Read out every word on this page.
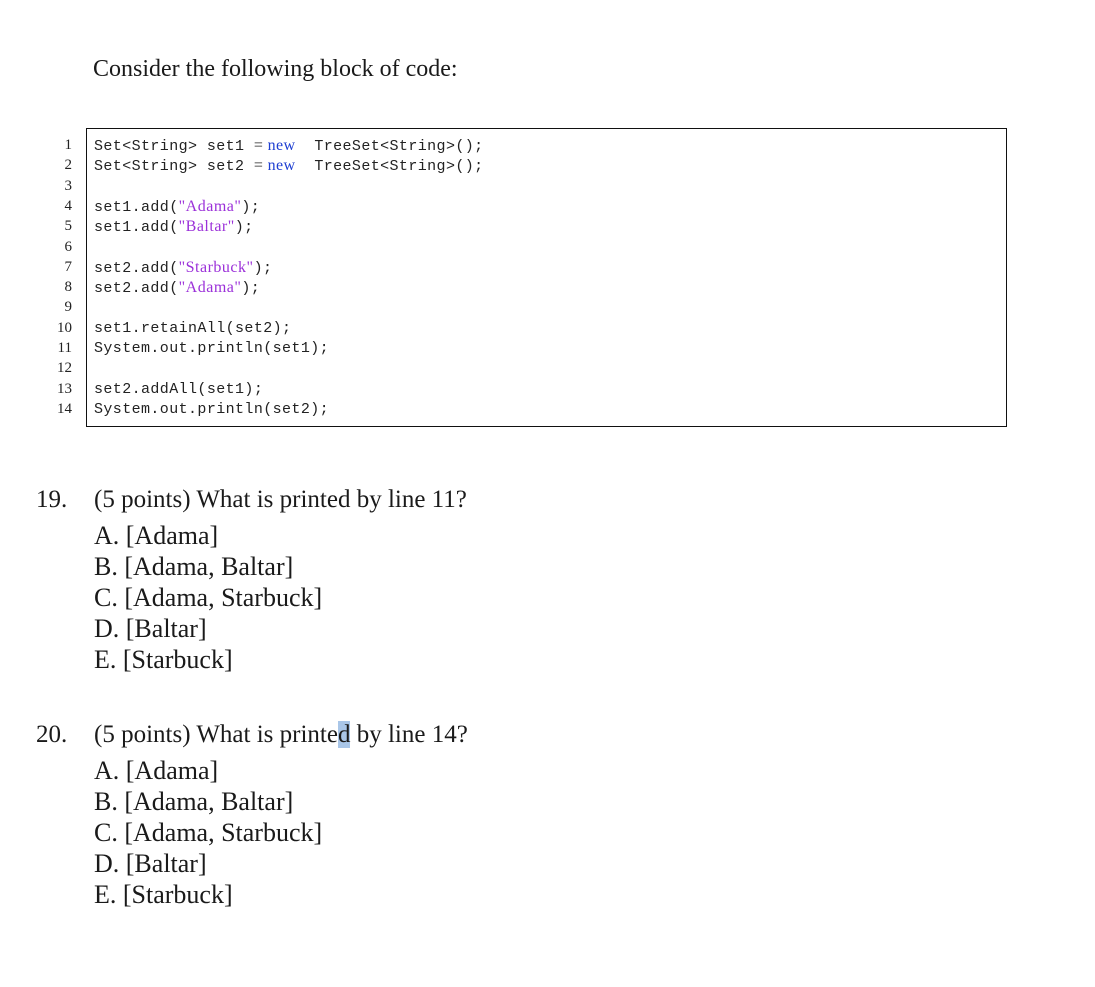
Consider the following block of code:
1 Set<String> set1 = new  TreeSet<String>();
2 Set<String> set2 = new  TreeSet<String>();
3
4 set1.add("Adama");
5 set1.add("Baltar");
6
7 set2.add("Starbuck");
8 set2.add("Adama");
9
10 set1.retainAll(set2);
11 System.out.println(set1);
12
13 set2.addAll(set1);
14 System.out.println(set2);
19. (5 points) What is printed by line 11?
A. [Adama]
B. [Adama, Baltar]
C. [Adama, Starbuck]
D. [Baltar]
E. [Starbuck]
20. (5 points) What is printed by line 14?
A. [Adama]
B. [Adama, Baltar]
C. [Adama, Starbuck]
D. [Baltar]
E. [Starbuck]
